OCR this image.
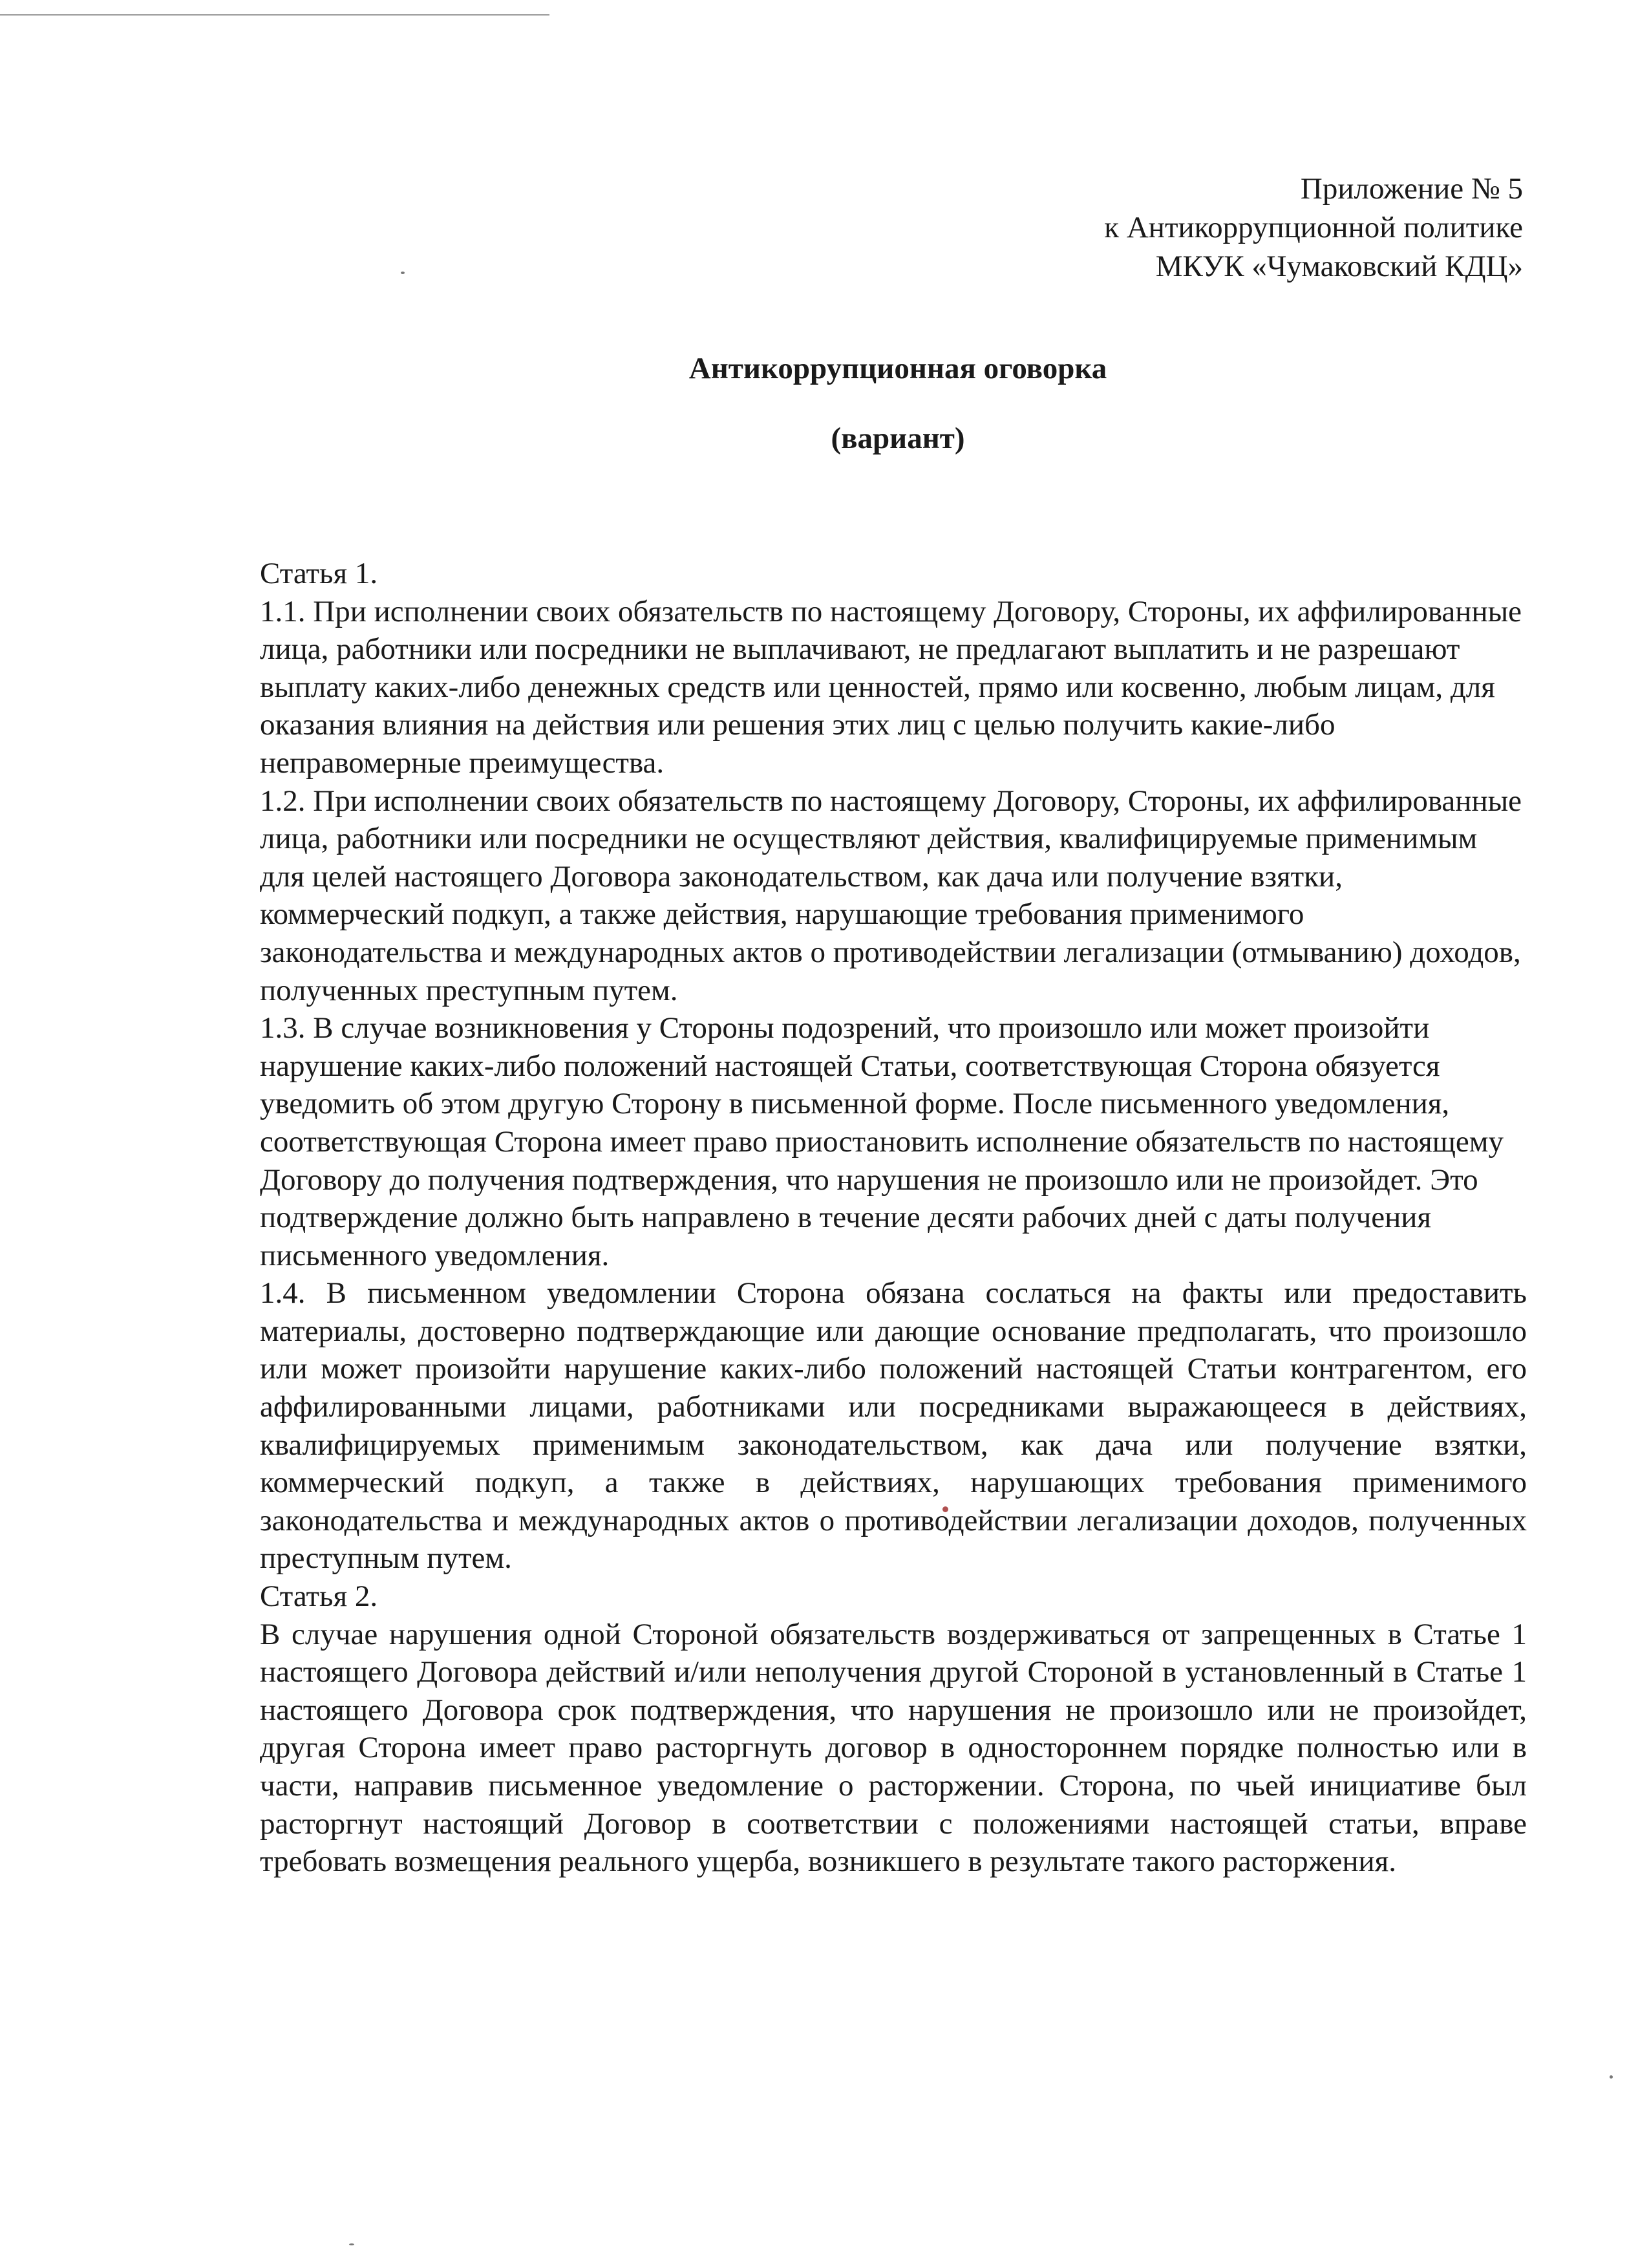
Приложение № 5
к Антикоррупционной политике
МКУК «Чумаковский КДЦ»
Антикоррупционная оговорка
(вариант)

Статья 1.

1.1. При исполнении своих обязательств по настоящему Договору, Стороны, их аффилированные лица, работники или посредники не выплачивают, не предлагают выплатить и не разрешают выплату каких-либо денежных средств или ценностей, прямо или косвенно, любым лицам, для оказания влияния на действия или решения этих лиц с целью получить какие-либо неправомерные преимущества.

1.2. При исполнении своих обязательств по настоящему Договору, Стороны, их аффилированные лица, работники или посредники не осуществляют действия, квалифицируемые применимым для целей настоящего Договора законодательством, как дача или получение взятки, коммерческий подкуп, а также действия, нарушающие требования применимого законодательства и международных актов о противодействии легализации (отмыванию) доходов, полученных преступным путем.

1.3. В случае возникновения у Стороны подозрений, что произошло или может произойти нарушение каких-либо положений настоящей Статьи, соответствующая Сторона обязуется уведомить об этом другую Сторону в письменной форме. После письменного уведомления, соответствующая Сторона имеет право приостановить исполнение обязательств по настоящему Договору до получения подтверждения, что нарушения не произошло или не произойдет. Это подтверждение должно быть направлено в течение десяти рабочих дней с даты получения письменного уведомления.

1.4. В письменном уведомлении Сторона обязана сослаться на факты или предоставить материалы, достоверно подтверждающие или дающие основание предполагать, что произошло или может произойти нарушение каких-либо положений настоящей Статьи контрагентом, его аффилированными лицами, работниками или посредниками выражающееся в действиях, квалифицируемых применимым законодательством, как дача или получение взятки, коммерческий подкуп, а также в действиях, нарушающих требования применимого законодательства и международных актов о противодействии легализации доходов, полученных преступным путем.

Статья 2.

В случае нарушения одной Стороной обязательств воздерживаться от запрещенных в Статье 1 настоящего Договора действий и/или неполучения другой Стороной в установленный в Статье 1 настоящего Договора срок подтверждения, что нарушения не произошло или не произойдет, другая Сторона имеет право расторгнуть договор в одностороннем порядке полностью или в части, направив письменное уведомление о расторжении. Сторона, по чьей инициативе был расторгнут настоящий Договор в соответствии с положениями настоящей статьи, вправе требовать возмещения реального ущерба, возникшего в результате такого расторжения.
